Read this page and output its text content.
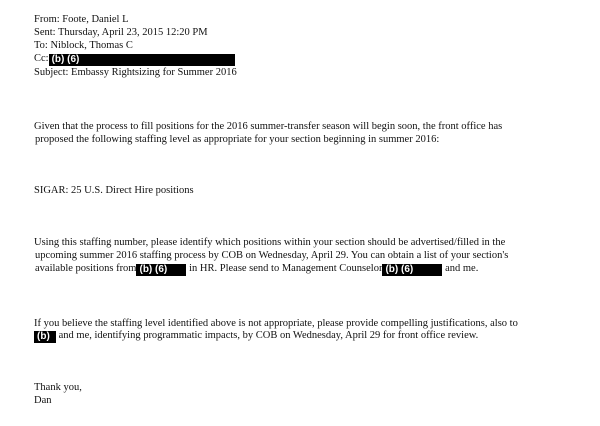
From: Foote, Daniel L
Sent: Thursday, April 23, 2015 12:20 PM
To: Niblock, Thomas C
Cc: (b) (6)
Subject: Embassy Rightsizing for Summer 2016
Given that the process to fill positions for the 2016 summer-transfer season will begin soon, the front office has
proposed the following staffing level as appropriate for your section beginning in summer 2016:
SIGAR: 25 U.S. Direct Hire positions
Using this staffing number, please identify which positions within your section should be advertised/filled in the
upcoming summer 2016 staffing process by COB on Wednesday, April 29. You can obtain a list of your section's
available positions from (b) (6) in HR. Please send to Management Counselor (b) (6)	and me.
If you believe the staffing level identified above is not appropriate, please provide compelling justifications, also to
(b) and me, identifying programmatic impacts, by COB on Wednesday, April 29 for front office review.
Thank you,
Dan
